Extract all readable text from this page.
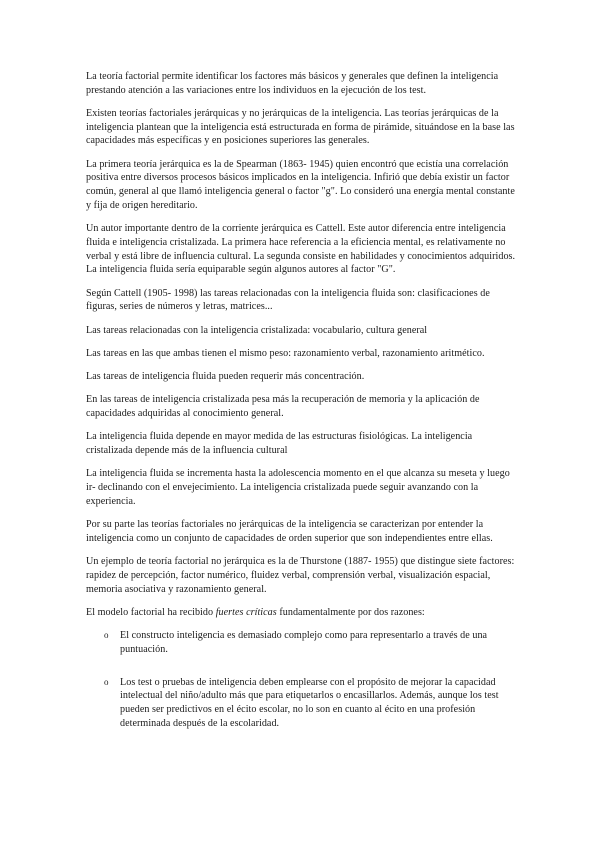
La teoría factorial permite identificar los factores más básicos y generales que definen la inteligencia prestando atención a las variaciones entre los individuos en la ejecución de los test.

Existen teorías factoriales jerárquicas y no jerárquicas de la inteligencia. Las teorías jerárquicas de la inteligencia plantean que la inteligencia está estructurada en forma de pirámide, situándose en la base las capacidades más específicas y en posiciones superiores las generales.

La primera teoría jerárquica es la de Spearman (1863- 1945) quien encontró que ecistía una correlación positiva entre diversos procesos básicos implicados en la inteligencia. Infirió que debía existir un factor común, general al que llamó inteligencia general o factor "g". Lo consideró una energía mental constante y fija de origen hereditario.

Un autor importante dentro de la corriente jerárquica es Cattell. Este autor diferencia entre inteligencia fluida e inteligencia cristalizada. La primera hace referencia a la eficiencia mental, es relativamente no verbal y está libre de influencia cultural. La segunda consiste en habilidades y conocimientos adquiridos. La inteligencia fluida sería equiparable según algunos autores al factor "G".

Según Cattell (1905- 1998) las tareas relacionadas con la inteligencia fluida son: clasificaciones de figuras, series de números y letras, matrices...

Las tareas relacionadas con la inteligencia cristalizada: vocabulario, cultura general

Las tareas en las que ambas tienen el mismo peso: razonamiento verbal, razonamiento aritmético.

Las tareas de inteligencia fluida pueden requerir más concentración.

En las tareas de inteligencia cristalizada pesa más la recuperación de memoria y la aplicación de capacidades adquiridas al conocimiento general.

La inteligencia fluida depende en mayor medida de las estructuras fisiológicas. La inteligencia cristalizada depende más de la influencia cultural

La inteligencia fluida se incrementa hasta la adolescencia momento en el que alcanza su meseta y luego ir- declinando con el envejecimiento. La inteligencia cristalizada puede seguir avanzando con la experiencia.

Por su parte las teorías factoriales no jerárquicas de la inteligencia se caracterizan por entender la inteligencia como un conjunto de capacidades de orden superior que son independientes entre ellas.

Un ejemplo de teoría factorial no jerárquica es la de Thurstone (1887- 1955) que distingue siete factores: rapidez de percepción, factor numérico, fluidez verbal, comprensión verbal, visualización espacial, memoria asociativa y razonamiento general.

El modelo factorial ha recibido fuertes críticas fundamentalmente por dos razones:

o El constructo inteligencia es demasiado complejo como para representarlo a través de una puntuación.
o Los test o pruebas de inteligencia deben emplearse con el propósito de mejorar la capacidad intelectual del niño/adulto más que para etiquetarlos o encasillarlos. Además, aunque los test pueden ser predictivos en el écito escolar, no lo son en cuanto al écito en una profesión determinada después de la escolaridad.
